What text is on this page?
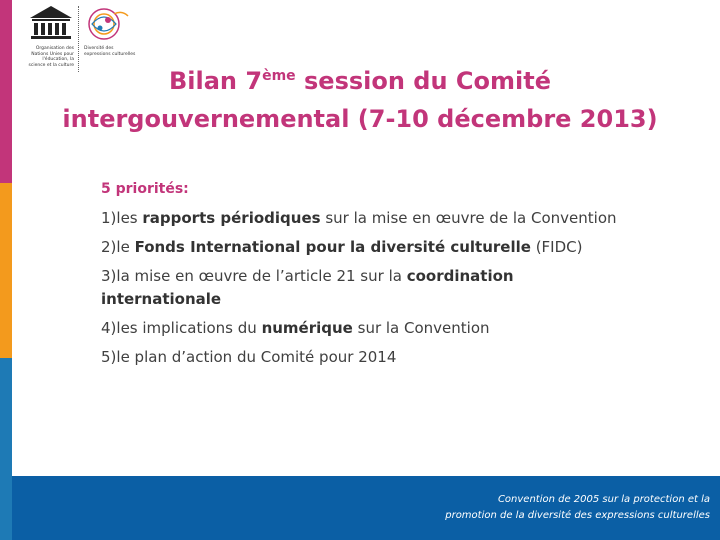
Organisation des Nations Unies pour l'éducation, la science et la culture
Diversité des expressions culturelles
Bilan 7ème session du Comité
intergouvernemental (7-10 décembre 2013)
5 priorités:
1)les rapports périodiques sur la mise en œuvre de la Convention
2)le Fonds International pour la diversité culturelle (FIDC)
3)la mise en œuvre de l’article 21 sur la coordination internationale
4)les implications du numérique sur la Convention
5)le plan d’action du Comité pour 2014
Convention de 2005 sur la protection et la
promotion de la diversité des expressions culturelles
